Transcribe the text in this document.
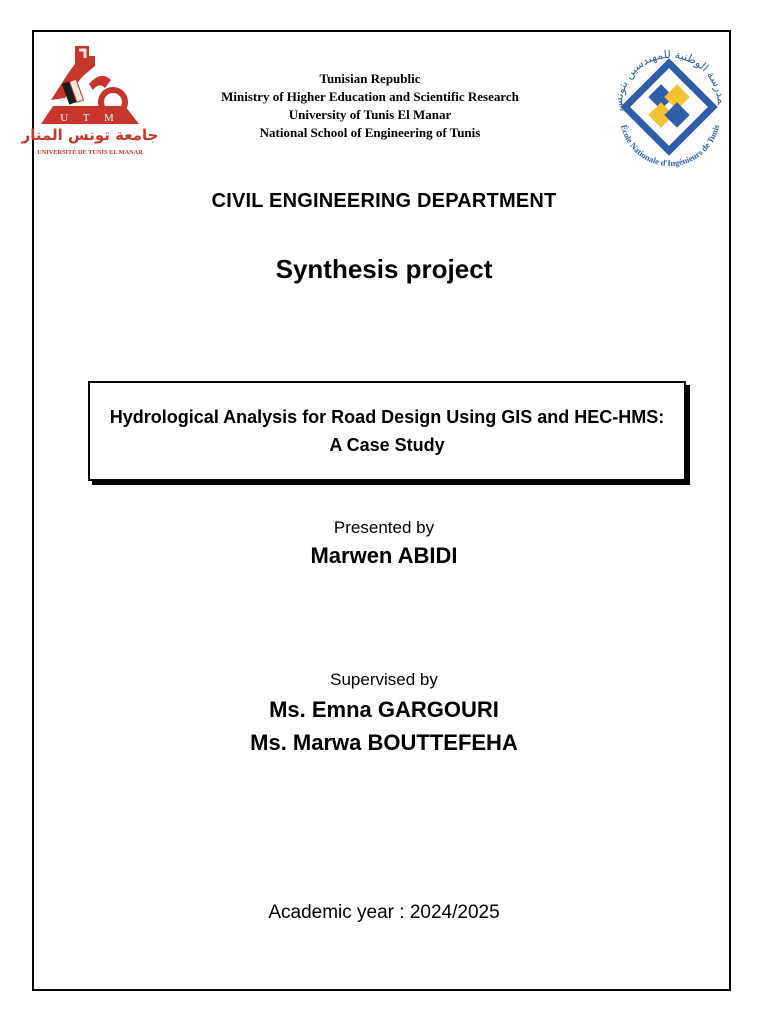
U T M
جامعة تونس المنار
UNIVERSITÉ DE TUNIS EL MANAR
Tunisian Republic
Ministry of Higher Education and Scientific Research
University of Tunis El Manar
National School of Engineering of Tunis
مدرسة الوطنية للمهندسين بتونس
École Nationale d'Ingénieurs de Tunis
CIVIL ENGINEERING DEPARTMENT
Synthesis project
Hydrological Analysis for Road Design Using GIS and HEC-HMS: A Case Study
Presented by
Marwen ABIDI
Supervised by
Ms. Emna GARGOURI
Ms. Marwa BOUTTEFEHA
Academic year : 2024/2025
